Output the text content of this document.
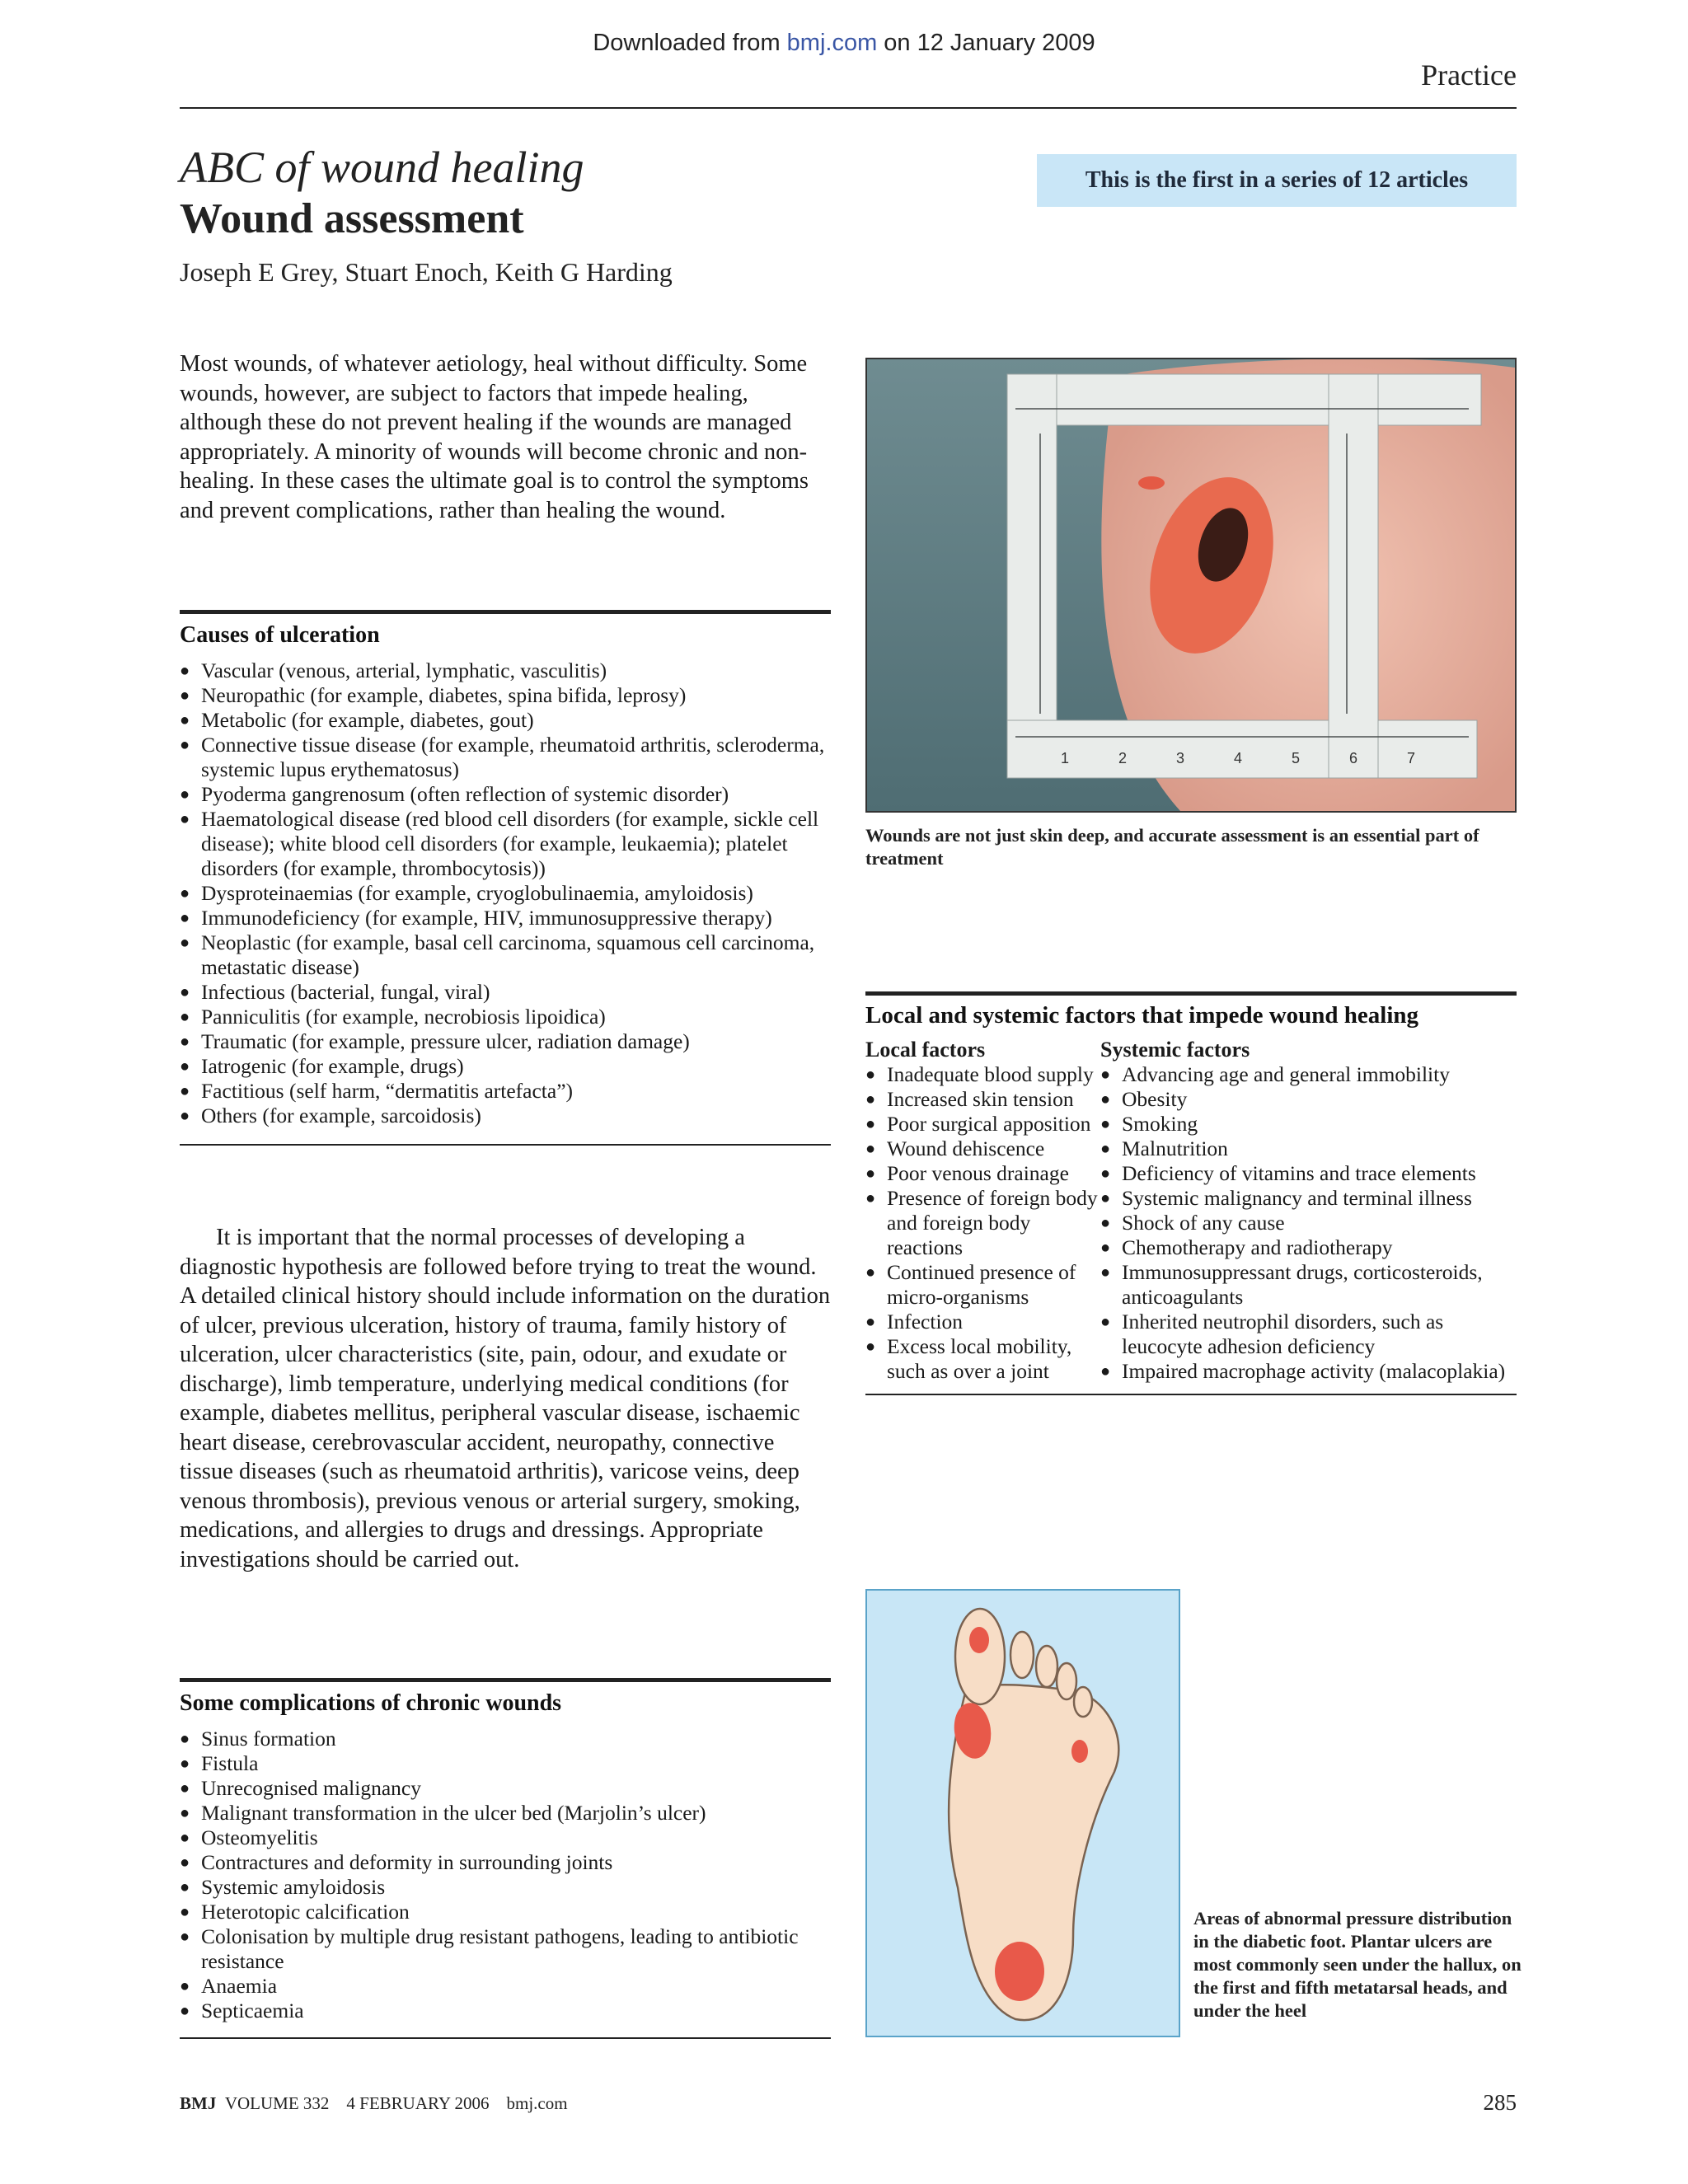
Downloaded from bmj.com on 12 January 2009
Practice
ABC of wound healing
Wound assessment
Joseph E Grey, Stuart Enoch, Keith G Harding
This is the first in a series of 12 articles

Most wounds, of whatever aetiology, heal without difficulty. Some wounds, however, are subject to factors that impede healing, although these do not prevent healing if the wounds are managed appropriately. A minority of wounds will become chronic and non-healing. In these cases the ultimate goal is to control the symptoms and prevent complications, rather than healing the wound.

Causes of ulceration
● Vascular (venous, arterial, lymphatic, vasculitis)
● Neuropathic (for example, diabetes, spina bifida, leprosy)
● Metabolic (for example, diabetes, gout)
● Connective tissue disease (for example, rheumatoid arthritis, scleroderma, systemic lupus erythematosus)
● Pyoderma gangrenosum (often reflection of systemic disorder)
● Haematological disease (red blood cell disorders (for example, sickle cell disease); white blood cell disorders (for example, leukaemia); platelet disorders (for example, thrombocytosis))
● Dysproteinaemias (for example, cryoglobulinaemia, amyloidosis)
● Immunodeficiency (for example, HIV, immunosuppressive therapy)
● Neoplastic (for example, basal cell carcinoma, squamous cell carcinoma, metastatic disease)
● Infectious (bacterial, fungal, viral)
● Panniculitis (for example, necrobiosis lipoidica)
● Traumatic (for example, pressure ulcer, radiation damage)
● Iatrogenic (for example, drugs)
● Factitious (self harm, “dermatitis artefacta”)
● Others (for example, sarcoidosis)

It is important that the normal processes of developing a diagnostic hypothesis are followed before trying to treat the wound. A detailed clinical history should include information on the duration of ulcer, previous ulceration, history of trauma, family history of ulceration, ulcer characteristics (site, pain, odour, and exudate or discharge), limb temperature, underlying medical conditions (for example, diabetes mellitus, peripheral vascular disease, ischaemic heart disease, cerebrovascular accident, neuropathy, connective tissue diseases (such as rheumatoid arthritis), varicose veins, deep venous thrombosis), previous venous or arterial surgery, smoking, medications, and allergies to drugs and dressings. Appropriate investigations should be carried out.

Some complications of chronic wounds
● Sinus formation
● Fistula
● Unrecognised malignancy
● Malignant transformation in the ulcer bed (Marjolin’s ulcer)
● Osteomyelitis
● Contractures and deformity in surrounding joints
● Systemic amyloidosis
● Heterotopic calcification
● Colonisation by multiple drug resistant pathogens, leading to antibiotic resistance
● Anaemia
● Septicaemia
1	2	3	4	5	6	7
Wounds are not just skin deep, and accurate assessment is an essential part of treatment
Local and systemic factors that impede wound healing
Local factors
● Inadequate blood supply
● Increased skin tension
● Poor surgical apposition
● Wound dehiscence
● Poor venous drainage
● Presence of foreign body and foreign body reactions
● Continued presence of micro-organisms
● Infection
● Excess local mobility, such as over a joint
Systemic factors
● Advancing age and general immobility
● Obesity
● Smoking
● Malnutrition
● Deficiency of vitamins and trace elements
● Systemic malignancy and terminal illness
● Shock of any cause
● Chemotherapy and radiotherapy
● Immunosuppressant drugs, corticosteroids, anticoagulants
● Inherited neutrophil disorders, such as leucocyte adhesion deficiency
● Impaired macrophage activity (malacoplakia)
Areas of abnormal pressure distribution in the diabetic foot. Plantar ulcers are most commonly seen under the hallux, on the first and fifth metatarsal heads, and under the heel
BMJ VOLUME 332    4 FEBRUARY 2006    bmj.com	285
